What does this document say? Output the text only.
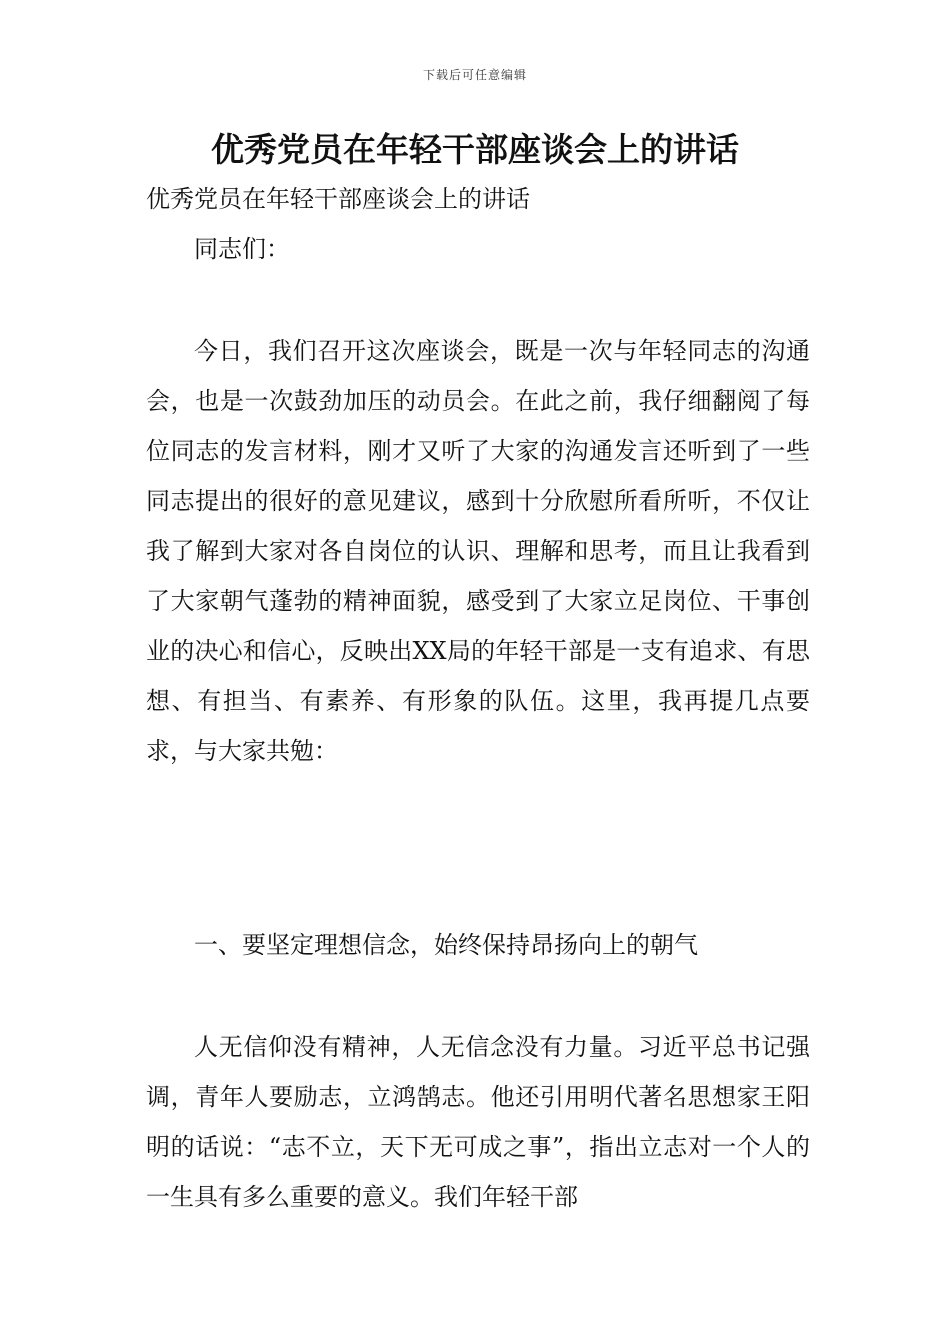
下载后可任意编辑
优秀党员在年轻干部座谈会上的讲话

优秀党员在年轻干部座谈会上的讲话

同志们：

今日，我们召开这次座谈会，既是一次与年轻同志的沟通会，也是一次鼓劲加压的动员会。在此之前，我仔细翻阅了每位同志的发言材料，刚才又听了大家的沟通发言还听到了一些同志提出的很好的意见建议，感到十分欣慰所看所听，不仅让我了解到大家对各自岗位的认识、理解和思考，而且让我看到了大家朝气蓬勃的精神面貌，感受到了大家立足岗位、干事创业的决心和信心，反映出XX局的年轻干部是一支有追求、有思想、有担当、有素养、有形象的队伍。这里，我再提几点要求，与大家共勉：

一、要坚定理想信念，始终保持昂扬向上的朝气

人无信仰没有精神，人无信念没有力量。习近平总书记强调，青年人要励志，立鸿鹄志。他还引用明代著名思想家王阳明的话说：“志不立，天下无可成之事”，指出立志对一个人的一生具有多么重要的意义。我们年轻干部
